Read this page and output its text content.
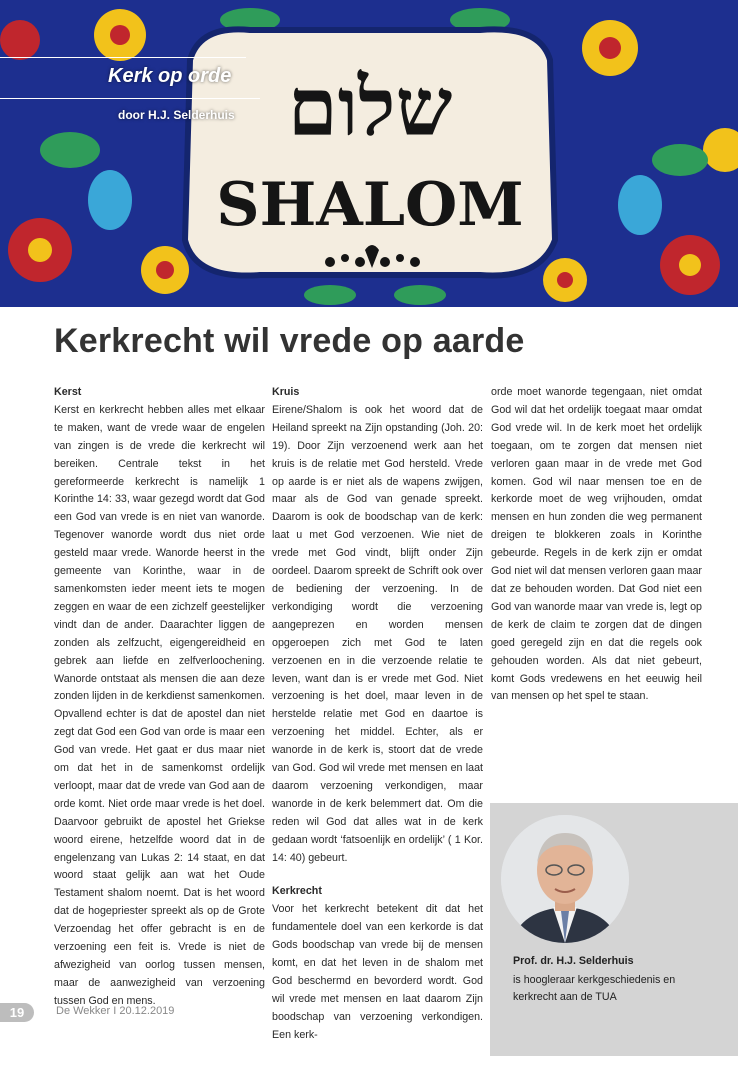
שלום
SHALOM
Kerk op orde
door H.J. Selderhuis
Kerkrecht wil vrede op aarde
Kerst

Kerst en kerkrecht hebben alles met elkaar te maken, want de vrede waar de engelen van zingen is de vrede die kerkrecht wil bereiken. Centrale tekst in het gereformeerde kerkrecht is namelijk 1 Korinthe 14: 33, waar gezegd wordt dat God een God van vrede is en niet van wanorde. Tegenover wanorde wordt dus niet orde gesteld maar vrede. Wanorde heerst in the gemeente van Korinthe, waar in de samenkomsten ieder meent iets te mogen zeggen en waar de een zichzelf geestelijker vindt dan de ander. Daarachter liggen de zonden als zelfzucht, eigengereidheid en gebrek aan liefde en zelfverloochening. Wanorde ontstaat als mensen die aan deze zonden lijden in de kerkdienst samenkomen. Opvallend echter is dat de apostel dan niet zegt dat God een God van orde is maar een God van vrede. Het gaat er dus maar niet om dat het in de samenkomst ordelijk verloopt, maar dat de vrede van God aan de orde komt. Niet orde maar vrede is het doel. Daarvoor gebruikt de apostel het Griekse woord eirene, hetzelfde woord dat in de engelenzang van Lukas 2: 14 staat, en dat woord staat gelijk aan wat het Oude Testament shalom noemt. Dat is het woord dat de hogepriester spreekt als op de Grote Verzoendag het offer gebracht is en de verzoening een feit is. Vrede is niet de afwezigheid van oorlog tussen mensen, maar de aanwezigheid van verzoening tussen God en mens.

Kruis

Eirene/Shalom is ook het woord dat de Heiland spreekt na Zijn opstanding (Joh. 20: 19). Door Zijn verzoenend werk aan het kruis is de relatie met God hersteld. Vrede op aarde is er niet als de wapens zwijgen, maar als de God van genade spreekt. Daarom is ook de boodschap van de kerk: laat u met God verzoenen. Wie niet de vrede met God vindt, blijft onder Zijn oordeel. Daarom spreekt de Schrift ook over de bediening der verzoening. In de verkondiging wordt die verzoening aangeprezen en worden mensen opgeroepen zich met God te laten verzoenen en in die verzoende relatie te leven, want dan is er vrede met God. Niet verzoening is het doel, maar leven in de herstelde relatie met God en daartoe is verzoening het middel. Echter, als er wanorde in de kerk is, stoort dat de vrede van God. God wil vrede met mensen en laat daarom verzoening verkondigen, maar wanorde in de kerk belemmert dat. Om die reden wil God dat alles wat in de kerk gedaan wordt ‘fatsoenlijk en ordelijk’ ( 1 Kor. 14: 40) gebeurt.

Kerkrecht

Voor het kerkrecht betekent dit dat het fundamentele doel van een kerkorde is dat Gods boodschap van vrede bij de mensen komt, en dat het leven in de shalom met God beschermd en bevorderd wordt. God wil vrede met mensen en laat daarom Zijn boodschap van verzoening verkondigen. Een kerk-

orde moet wanorde tegengaan, niet omdat God wil dat het ordelijk toegaat maar omdat God vrede wil. In de kerk moet het ordelijk toegaan, om te zorgen dat mensen niet verloren gaan maar in de vrede met God komen. God wil naar mensen toe en de kerkorde moet de weg vrijhouden, omdat mensen en hun zonden die weg permanent dreigen te blokkeren zoals in Korinthe gebeurde. Regels in de kerk zijn er omdat God niet wil dat mensen verloren gaan maar dat ze behouden worden. Dat God niet een God van wanorde maar van vrede is, legt op de kerk de claim te zorgen dat de dingen goed geregeld zijn en dat die regels ook gehouden worden. Als dat niet gebeurt, komt Gods vredewens en het eeuwig heil van mensen op het spel te staan.

Prof. dr. H.J. Selderhuis
is hoogleraar kerkgeschiedenis en kerkrecht aan de TUA
19	De Wekker I 20.12.2019
